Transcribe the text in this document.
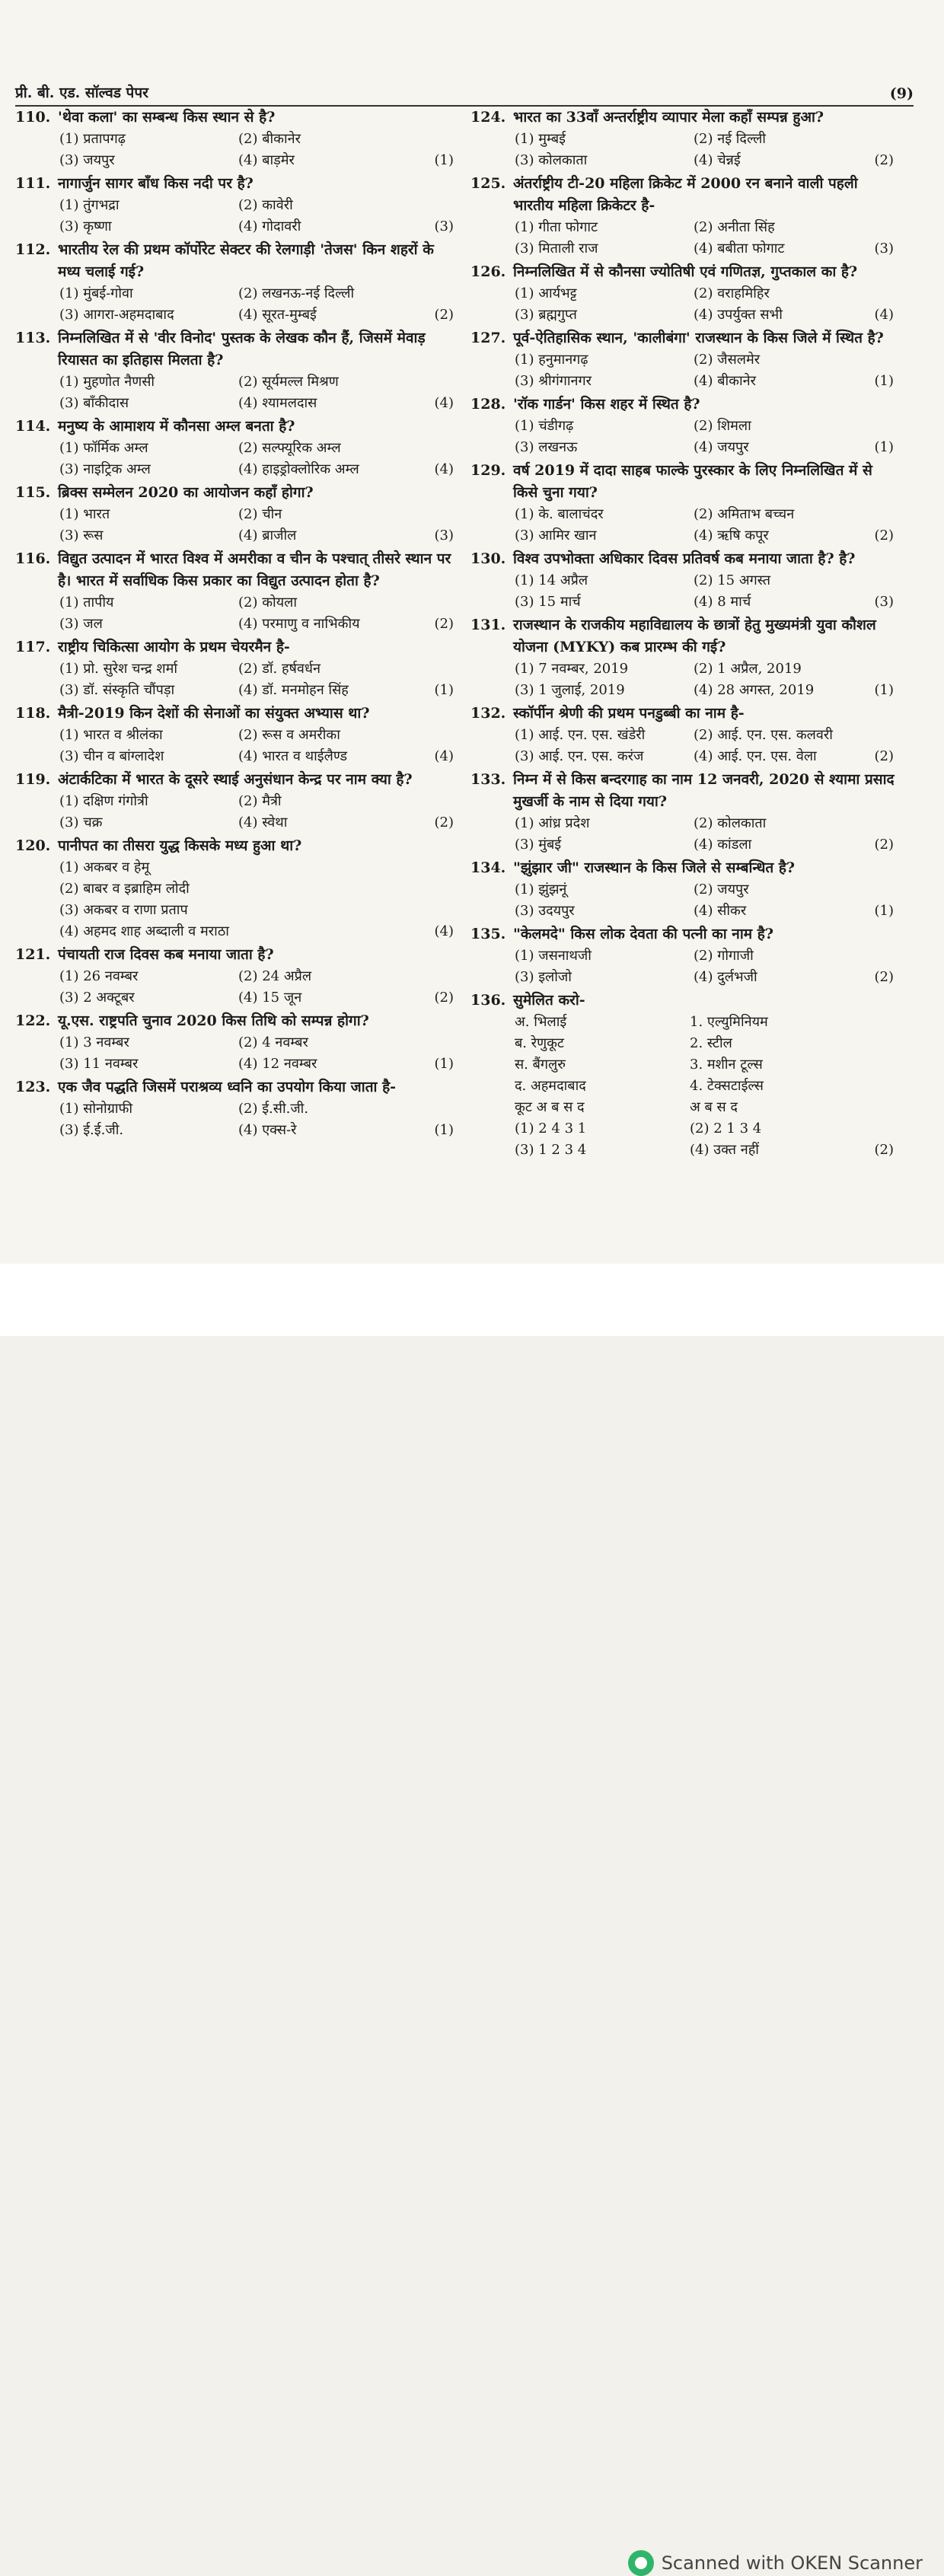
प्री. बी. एड. सॉल्वड पेपर	(9)
110. 'थेवा कला' का सम्बन्ध किस स्थान से है?
(1) प्रतापगढ़	(2) बीकानेर
(3) जयपुर	(4) बाड़मेर	(1)
111. नागार्जुन सागर बाँध किस नदी पर है?
(1) तुंगभद्रा	(2) कावेरी
(3) कृष्णा	(4) गोदावरी	(3)
112. भारतीय रेल की प्रथम कॉर्पोरेट सेक्टर की रेलगाड़ी 'तेजस' किन शहरों के मध्य चलाई गई?
(1) मुंबई-गोवा	(2) लखनऊ-नई दिल्ली
(3) आगरा-अहमदाबाद	(4) सूरत-मुम्बई	(2)
113. निम्नलिखित में से 'वीर विनोद' पुस्तक के लेखक कौन हैं, जिसमें मेवाड़ रियासत का इतिहास मिलता है?
(1) मुहणोत नैणसी	(2) सूर्यमल्ल मिश्रण
(3) बाँकीदास	(4) श्यामलदास	(4)
114. मनुष्य के आमाशय में कौनसा अम्ल बनता है?
(1) फॉर्मिक अम्ल	(2) सल्फ्यूरिक अम्ल
(3) नाइट्रिक अम्ल	(4) हाइड्रोक्लोरिक अम्ल	(4)
115. ब्रिक्स सम्मेलन 2020 का आयोजन कहाँ होगा?
(1) भारत	(2) चीन
(3) रूस	(4) ब्राजील	(3)
116. विद्युत उत्पादन में भारत विश्व में अमरीका व चीन के पश्चात् तीसरे स्थान पर है। भारत में सर्वाधिक किस प्रकार का विद्युत उत्पादन होता है?
(1) तापीय	(2) कोयला
(3) जल	(4) परमाणु व नाभिकीय	(2)
117. राष्ट्रीय चिकित्सा आयोग के प्रथम चेयरमैन है-
(1) प्रो. सुरेश चन्द्र शर्मा	(2) डॉ. हर्षवर्धन
(3) डॉ. संस्कृति चौंपड़ा	(4) डॉ. मनमोहन सिंह	(1)
118. मैत्री-2019 किन देशों की सेनाओं का संयुक्त अभ्यास था?
(1) भारत व श्रीलंका	(2) रूस व अमरीका
(3) चीन व बांग्लादेश	(4) भारत व थाईलैण्ड	(4)
119. अंटार्कटिका में भारत के दूसरे स्थाई अनुसंधान केन्द्र पर नाम क्या है?
(1) दक्षिण गंगोत्री	(2) मैत्री
(3) चक्र	(4) स्वेथा	(2)
120. पानीपत का तीसरा युद्ध किसके मध्य हुआ था?
(1) अकबर व हेमू
(2) बाबर व इब्राहिम लोदी
(3) अकबर व राणा प्रताप
(4) अहमद शाह अब्दाली व मराठा	(4)
121. पंचायती राज दिवस कब मनाया जाता है?
(1) 26 नवम्बर	(2) 24 अप्रैल
(3) 2 अक्टूबर	(4) 15 जून	(2)
122. यू.एस. राष्ट्रपति चुनाव 2020 किस तिथि को सम्पन्न होगा?
(1) 3 नवम्बर	(2) 4 नवम्बर
(3) 11 नवम्बर	(4) 12 नवम्बर	(1)
123. एक जैव पद्धति जिसमें पराश्रव्य ध्वनि का उपयोग किया जाता है-
(1) सोनोग्राफी	(2) ई.सी.जी.
(3) ई.ई.जी.	(4) एक्स-रे	(1)
124. भारत का 33वाँ अन्तर्राष्ट्रीय व्यापार मेला कहाँ सम्पन्न हुआ?
(1) मुम्बई	(2) नई दिल्ली
(3) कोलकाता	(4) चेन्नई	(2)
125. अंतर्राष्ट्रीय टी-20 महिला क्रिकेट में 2000 रन बनाने वाली पहली भारतीय महिला क्रिकेटर है-
(1) गीता फोगाट	(2) अनीता सिंह
(3) मिताली राज	(4) बबीता फोगाट	(3)
126. निम्नलिखित में से कौनसा ज्योतिषी एवं गणितज्ञ, गुप्तकाल का है?
(1) आर्यभट्ट	(2) वराहमिहिर
(3) ब्रह्मगुप्त	(4) उपर्युक्त सभी	(4)
127. पूर्व-ऐतिहासिक स्थान, 'कालीबंगा' राजस्थान के किस जिले में स्थित है?
(1) हनुमानगढ़	(2) जैसलमेर
(3) श्रीगंगानगर	(4) बीकानेर	(1)
128. 'रॉक गार्डन' किस शहर में स्थित है?
(1) चंडीगढ़	(2) शिमला
(3) लखनऊ	(4) जयपुर	(1)
129. वर्ष 2019 में दादा साहब फाल्के पुरस्कार के लिए निम्नलिखित में से किसे चुना गया?
(1) के. बालाचंदर	(2) अमिताभ बच्चन
(3) आमिर खान	(4) ऋषि कपूर	(2)
130. विश्व उपभोक्ता अधिकार दिवस प्रतिवर्ष कब मनाया जाता है? है?
(1) 14 अप्रैल	(2) 15 अगस्त
(3) 15 मार्च	(4) 8 मार्च	(3)
131. राजस्थान के राजकीय महाविद्यालय के छात्रों हेतु मुख्यमंत्री युवा कौशल योजना (MYKY) कब प्रारम्भ की गई?
(1) 7 नवम्बर, 2019	(2) 1 अप्रैल, 2019
(3) 1 जुलाई, 2019	(4) 28 अगस्त, 2019	(1)
132. स्कॉर्पीन श्रेणी की प्रथम पनडुब्बी का नाम है-
(1) आई. एन. एस. खंडेरी	(2) आई. एन. एस. कलवरी
(3) आई. एन. एस. करंज	(4) आई. एन. एस. वेला	(2)
133. निम्न में से किस बन्दरगाह का नाम 12 जनवरी, 2020 से श्यामा प्रसाद मुखर्जी के नाम से दिया गया?
(1) आंध्र प्रदेश	(2) कोलकाता
(3) मुंबई	(4) कांडला	(2)
134. "झुंझार जी" राजस्थान के किस जिले से सम्बन्धित है?
(1) झुंझनूं	(2) जयपुर
(3) उदयपुर	(4) सीकर	(1)
135. "केलमदे" किस लोक देवता की पत्नी का नाम है?
(1) जसनाथजी	(2) गोगाजी
(3) इलोजो	(4) दुर्लभजी	(2)
136. सुमेलित करो-
अ. भिलाई	1. एल्युमिनियम
ब. रेणुकूट	2. स्टील
स. बैंगलुरु	3. मशीन टूल्स
द. अहमदाबाद	4. टेक्सटाईल्स
कूट अ ब स द	अ ब स द
(1) 2 4 3 1	(2) 2 1 3 4
(3) 1 2 3 4	(4) उक्त नहीं	(2)
Scanned with OKEN Scanner
